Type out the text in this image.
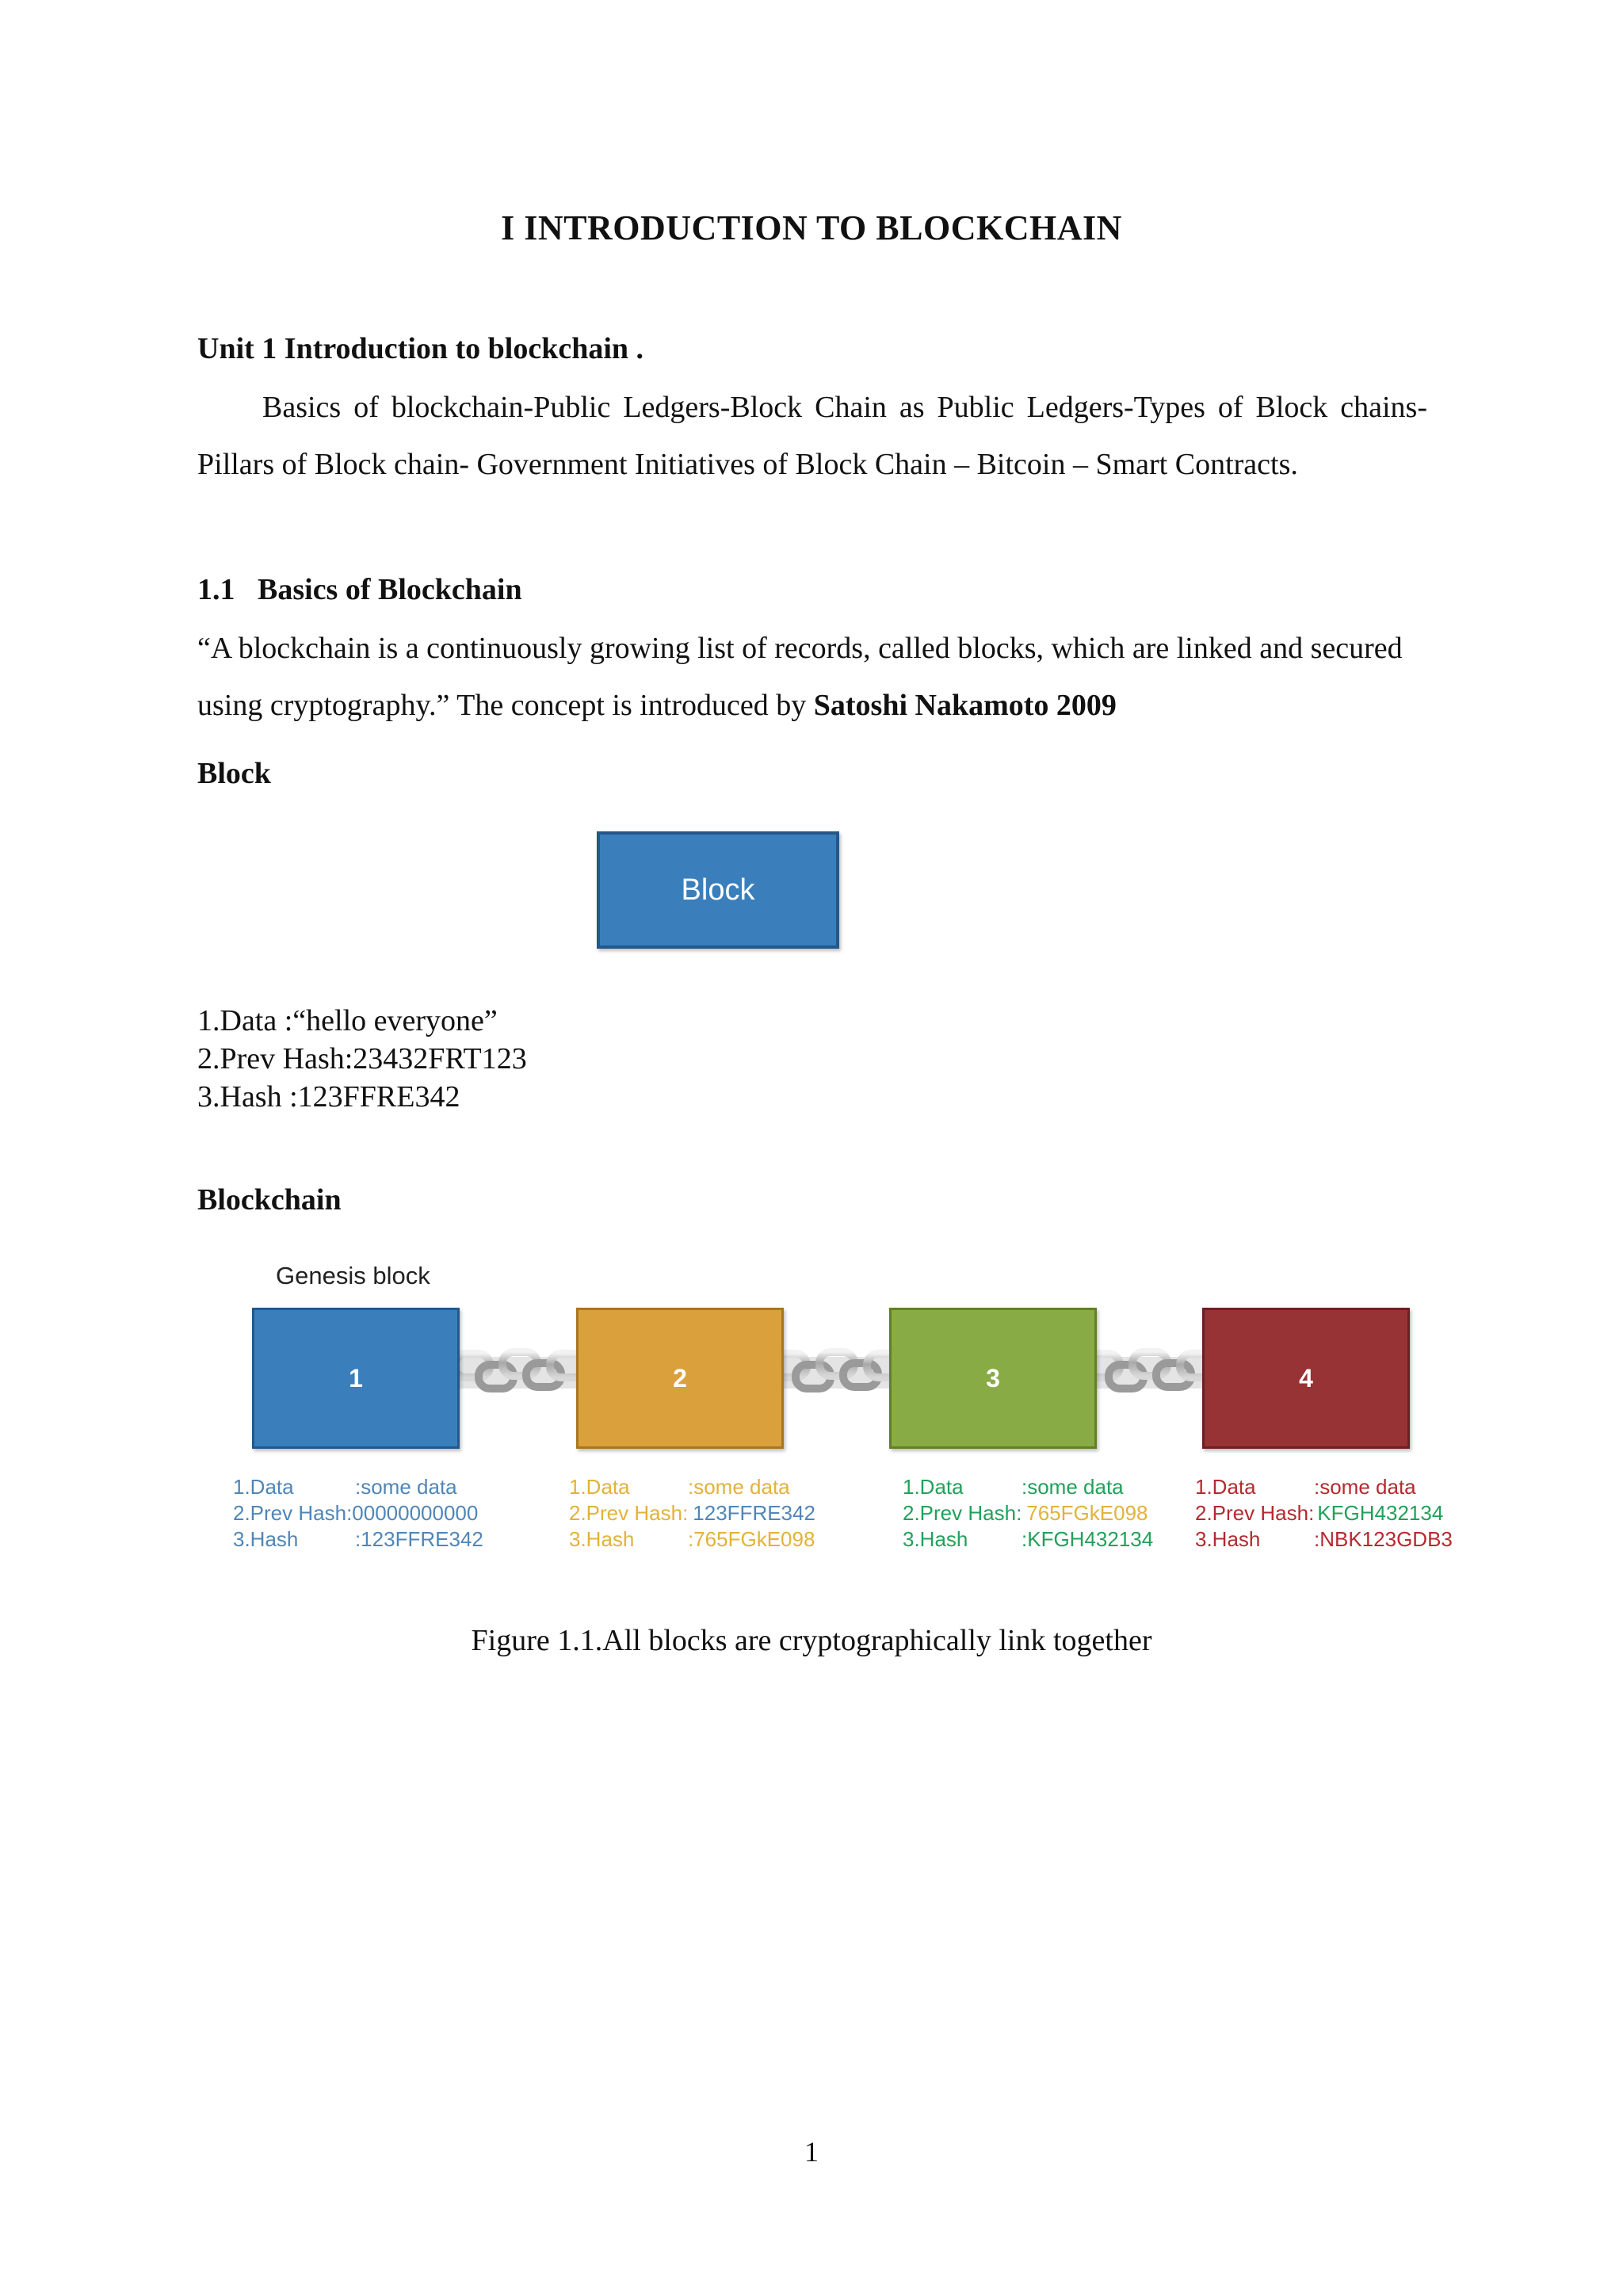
I INTRODUCTION TO BLOCKCHAIN
Unit 1 Introduction to blockchain .
Basics of blockchain-Public Ledgers-Block Chain as Public Ledgers-Types of Block chains- Pillars of Block chain- Government Initiatives of Block Chain – Bitcoin – Smart Contracts.
1.1 Basics of Blockchain
“A blockchain is a continuously growing list of records, called blocks, which are linked and secured using cryptography.” The concept is introduced by Satoshi Nakamoto 2009
Block
Block
1.Data :“hello everyone”
2.Prev Hash:23432FRT123
3.Hash :123FFRE342
Blockchain
Genesis block
1	2	3	4
1.Data	:some data
2.Prev Hash: 00000000000
3.Hash	:123FFRE342
1.Data	:some data
2.Prev Hash: 123FFRE342
3.Hash	:765FGkE098
1.Data	:some data
2.Prev Hash: 765FGkE098
3.Hash	:KFGH432134
1.Data	:some data
2.Prev Hash: KFGH432134
3.Hash	:NBK123GDB3
Figure 1.1.All blocks are cryptographically link together
1
